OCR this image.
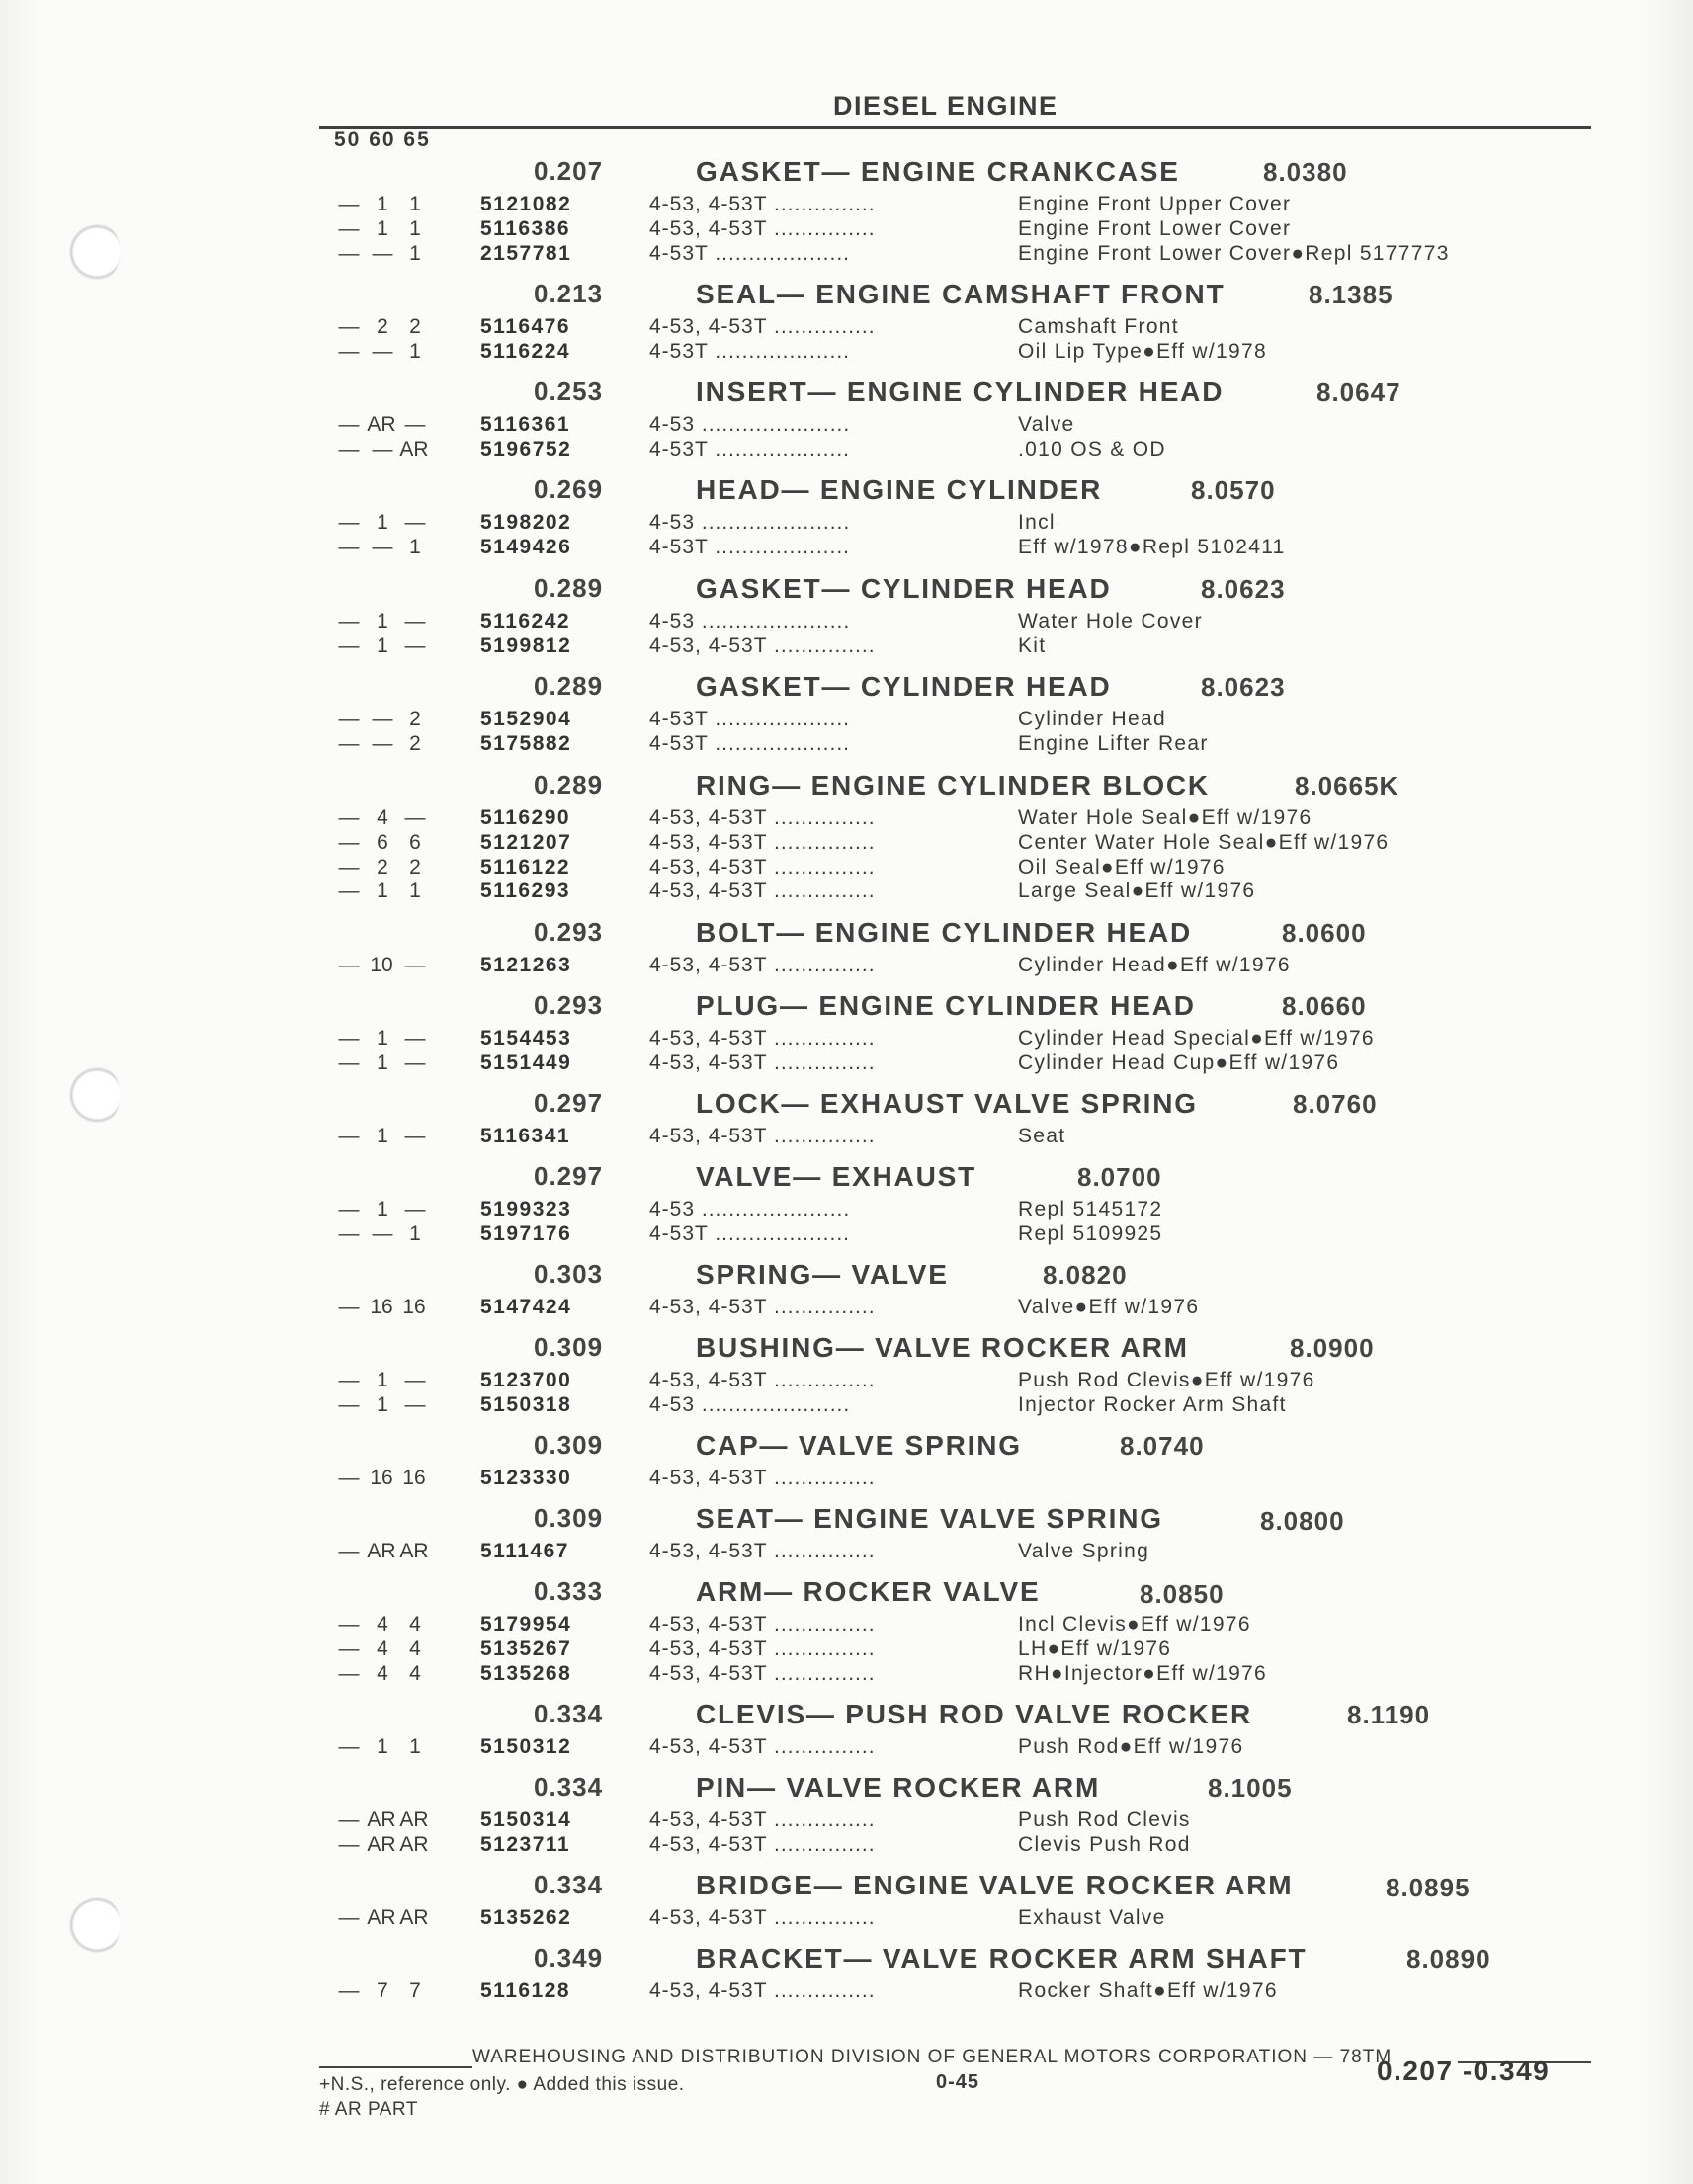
DIESEL ENGINE
50 60 65
0.207	GASKET— ENGINE CRANKCASE	8.0380
— 1	1	5121082	4-53, 4-53T ...............	Engine Front Upper Cover
— 1	1	5116386	4-53, 4-53T ...............	Engine Front Lower Cover
— — 1	2157781	4-53T ....................	Engine Front Lower Cover●Repl 5177773
0.213	SEAL— ENGINE CAMSHAFT FRONT	8.1385
— 2	2	5116476	4-53, 4-53T ...............	Camshaft Front
— — 1	5116224	4-53T ....................	Oil Lip Type●Eff w/1978
0.253	INSERT— ENGINE CYLINDER HEAD	8.0647
— AR —	5116361	4-53 ......................	Valve
— — AR 5196752	4-53T ....................	.010 OS & OD
0.269	HEAD— ENGINE CYLINDER	8.0570
— 1 —	5198202	4-53 ......................	Incl
— — 1	5149426	4-53T ....................	Eff w/1978●Repl 5102411
0.289	GASKET— CYLINDER HEAD	8.0623
— 1 —	5116242	4-53 ......................	Water Hole Cover
— 1 —	5199812	4-53, 4-53T ...............	Kit
0.289	GASKET— CYLINDER HEAD	8.0623
— — 2	5152904	4-53T ....................	Cylinder Head
— — 2	5175882	4-53T ....................	Engine Lifter Rear
0.289	RING— ENGINE CYLINDER BLOCK	8.0665K
— 4 —	5116290	4-53, 4-53T ...............	Water Hole Seal●Eff w/1976
— 6	6	5121207	4-53, 4-53T ...............	Center Water Hole Seal●Eff w/1976
— 2	2	5116122	4-53, 4-53T ...............	Oil Seal●Eff w/1976
— 1	1	5116293	4-53, 4-53T ...............	Large Seal●Eff w/1976
0.293	BOLT— ENGINE CYLINDER HEAD	8.0600
— 10 —	5121263	4-53, 4-53T ...............	Cylinder Head●Eff w/1976
0.293	PLUG— ENGINE CYLINDER HEAD	8.0660
— 1 —	5154453	4-53, 4-53T ...............	Cylinder Head Special●Eff w/1976
— 1 —	5151449	4-53, 4-53T ...............	Cylinder Head Cup●Eff w/1976
0.297	LOCK— EXHAUST VALVE SPRING	8.0760
— 1 —	5116341	4-53, 4-53T ...............	Seat
0.297	VALVE— EXHAUST	8.0700
— 1 —	5199323	4-53 ......................	Repl 5145172
— — 1	5197176	4-53T ....................	Repl 5109925
0.303	SPRING— VALVE	8.0820
— 16 16	5147424	4-53, 4-53T ...............	Valve●Eff w/1976
0.309	BUSHING— VALVE ROCKER ARM	8.0900
— 1 —	5123700	4-53, 4-53T ...............	Push Rod Clevis●Eff w/1976
— 1 —	5150318	4-53 ......................	Injector Rocker Arm Shaft
0.309	CAP— VALVE SPRING	8.0740
— 16 16	5123330	4-53, 4-53T ...............
0.309	SEAT— ENGINE VALVE SPRING	8.0800
— AR AR 5111467	4-53, 4-53T ...............	Valve Spring
0.333	ARM— ROCKER VALVE	8.0850
— 4	4	5179954	4-53, 4-53T ...............	Incl Clevis●Eff w/1976
— 4	4	5135267	4-53, 4-53T ...............	LH●Eff w/1976
— 4	4	5135268	4-53, 4-53T ...............	RH●Injector●Eff w/1976
0.334	CLEVIS— PUSH ROD VALVE ROCKER	8.1190
— 1	1	5150312	4-53, 4-53T ...............	Push Rod●Eff w/1976
0.334	PIN— VALVE ROCKER ARM	8.1005
— AR AR 5150314	4-53, 4-53T ...............	Push Rod Clevis
— AR AR 5123711	4-53, 4-53T ...............	Clevis Push Rod
0.334	BRIDGE— ENGINE VALVE ROCKER ARM	8.0895
— AR AR 5135262	4-53, 4-53T ...............	Exhaust Valve
0.349	BRACKET— VALVE ROCKER ARM SHAFT	8.0890
— 7	7	5116128	4-53, 4-53T ...............	Rocker Shaft●Eff w/1976
WAREHOUSING AND DISTRIBUTION DIVISION OF GENERAL MOTORS CORPORATION — 78TM
+N.S., reference only. ● Added this issue.
# AR PART
0-45	0.207 -0.349
